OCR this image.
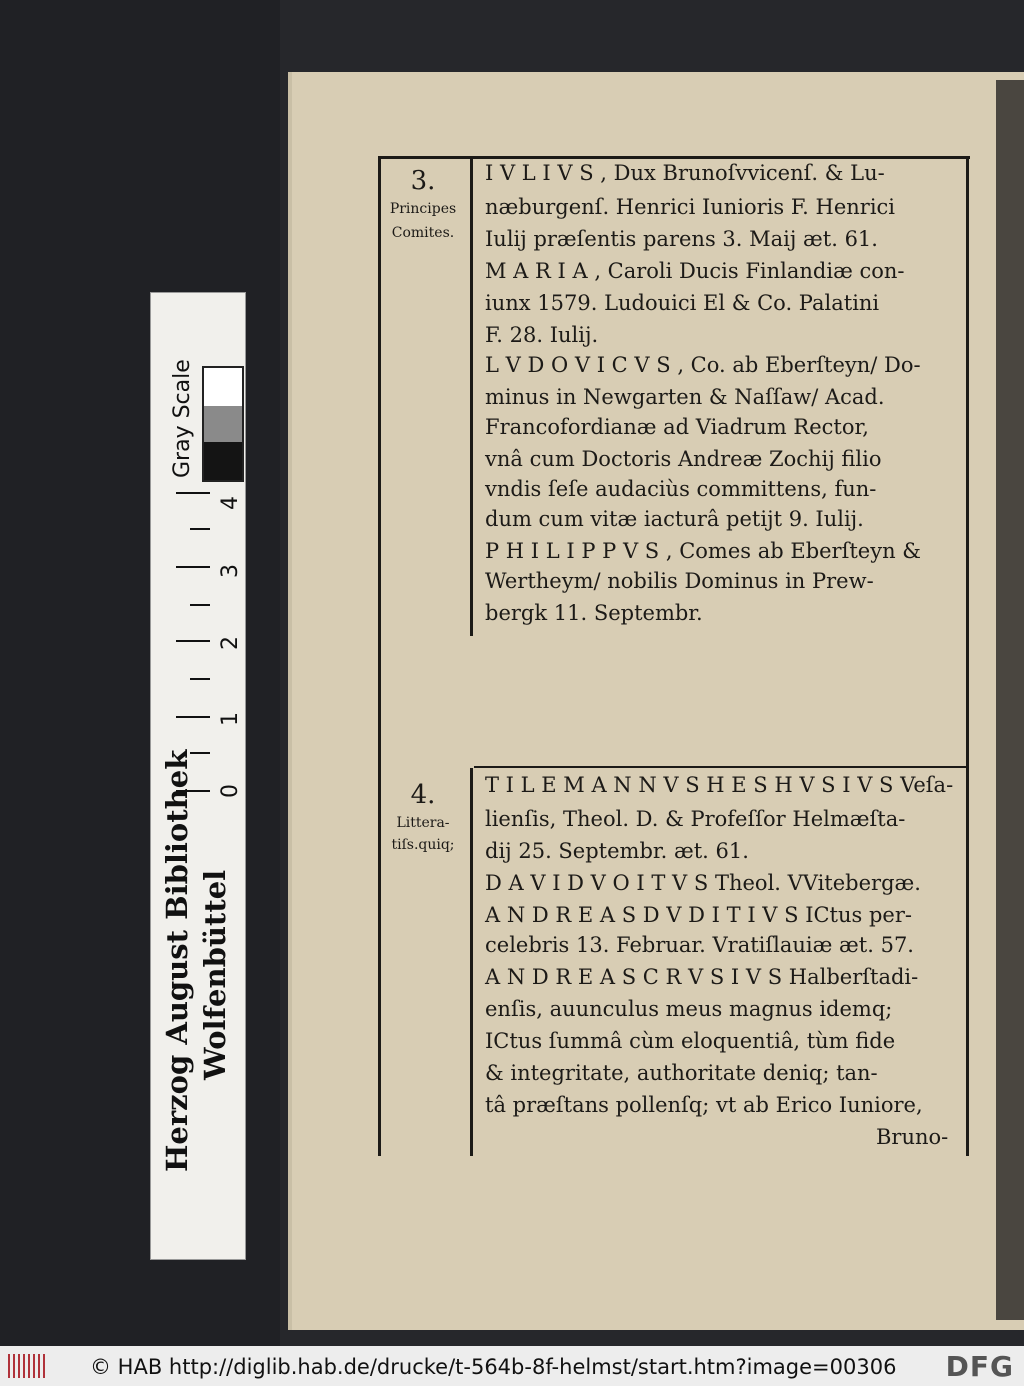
3.
Principes
Comites.
I V L I V S , Dux Brunoſvvicenſ. & Lu-
næburgenſ. Henrici Iunioris F. Henrici
Iulij præſentis parens 3. Maij æt. 61.
M A R I A , Caroli Ducis Finlandiæ con-
iunx 1579. Ludouici El & Co. Palatini
F. 28. Iulij.
L V D O V I C V S , Co. ab Eberſteyn/ Do-
minus in Newgarten & Naſſaw/ Acad.
Francofordianæ ad Viadrum Rector,
vnâ cum Doctoris Andreæ Zochij filio
vndis ſeſe audaciùs committens, fun-
dum cum vitæ iacturâ petijt 9. Iulij.
P H I L I P P V S , Comes ab Eberſteyn &
Wertheym/ nobilis Dominus in Prew-
bergk 11. Septembr.
4.
Littera-
tiſs.quiq;
T I L E M A N N V S H E S H V S I V S Veſa-
lienſis, Theol. D. & Profeſſor Helmæſta-
dij 25. Septembr. æt. 61.
D A V I D V O I T V S Theol. VVitebergæ.
A N D R E A S D V D I T I V S ICtus per-
celebris 13. Februar. Vratiſlauiæ æt. 57.
A N D R E A S C R V S I V S Halberſtadi-
enſis, auunculus meus magnus idemq;
ICtus ſummâ cùm eloquentiâ, tùm fide
& integritate, authoritate deniq; tan-
tâ præſtans pollenſq; vt ab Erico Iuniore,
Bruno-
Gray Scale
4
3
2
1
0
Herzog August Bibliothek Wolfenbüttel
© HAB http://diglib.hab.de/drucke/t-564b-8f-helmst/start.htm?image=00306 DFG
